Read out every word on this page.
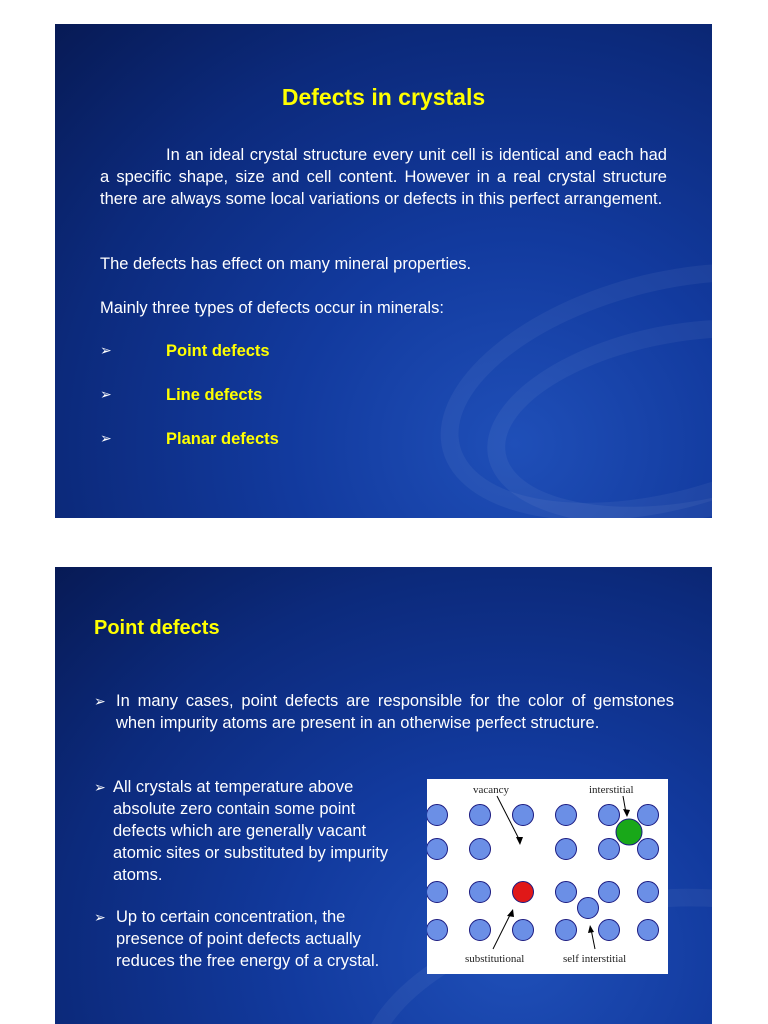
Defects in crystals
In an ideal crystal structure every unit cell is identical and each had a specific shape, size and cell content. However in a real crystal structure there are always some local variations or defects in this perfect arrangement.
The defects has effect on many mineral properties.
Mainly three types of defects occur in minerals:
➢	Point defects
➢	Line defects
➢	Planar defects
Point defects
➢ In many cases, point defects are responsible for the color of gemstones when impurity atoms are present in an otherwise perfect structure.
➢ All crystals at temperature above absolute zero contain some point defects which are generally vacant atomic sites or substituted by impurity atoms.
➢ Up to certain concentration, the presence of point defects actually reduces the free energy of a crystal.
vacancy	interstitial
substitutional	self interstitial
